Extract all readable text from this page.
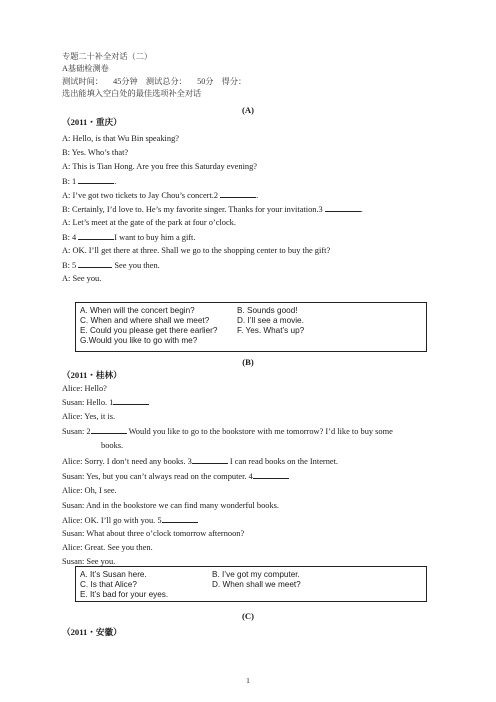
专题二十补全对话（二）
A基础检测卷
测试时间：     45分钟    测试总分：     50分    得分：
选出能填入空白处的最佳选项补全对话
(A)
（2011・重庆）
A: Hello, is that Wu Bin speaking?
B: Yes. Who’s that?
A: This is Tian Hong. Are you free this Saturday evening?
B: 1	.
A: I’ve got two tickets to Jay Chou’s concert.2	.
B: Certainly, I’d love to. He’s my favorite singer. Thanks for your invitation.3	.
A: Let’s meet at the gate of the park at four o’clock.
B: 4	I want to buy him a gift.
A: OK. I’ll get there at three. Shall we go to the shopping center to buy the gift?
B: 5	See you then.
A: See you.
A. When will the concert begin?	B. Sounds good!
C. When and where shall we meet?	D. I’ll see a movie.
E. Could you please get there earlier? F. Yes. What’s up?
G.Would you like to go with me?
(B)
（2011・桂林）
Alice: Hello?
Susan: Hello. 1
Alice: Yes, it is.
Susan: 2	Would you like to go to the bookstore with me tomorrow? I’d like to buy some
books.
Alice: Sorry. I don’t need any books. 3	I can read books on the Internet.
Susan: Yes, but you can’t always read on the computer. 4
Alice: Oh, I see.
Susan: And in the bookstore we can find many wonderful books.
Alice: OK. I’ll go with you. 5
Susan: What about three o’clock tomorrow afternoon?
Alice: Great. See you then.
Susan: See you.
A. It’s Susan here.	B. I’ve got my computer.
C. Is that Alice?	D. When shall we meet?
E. It’s bad for your eyes.
(C)
（2011・安徽）
1
